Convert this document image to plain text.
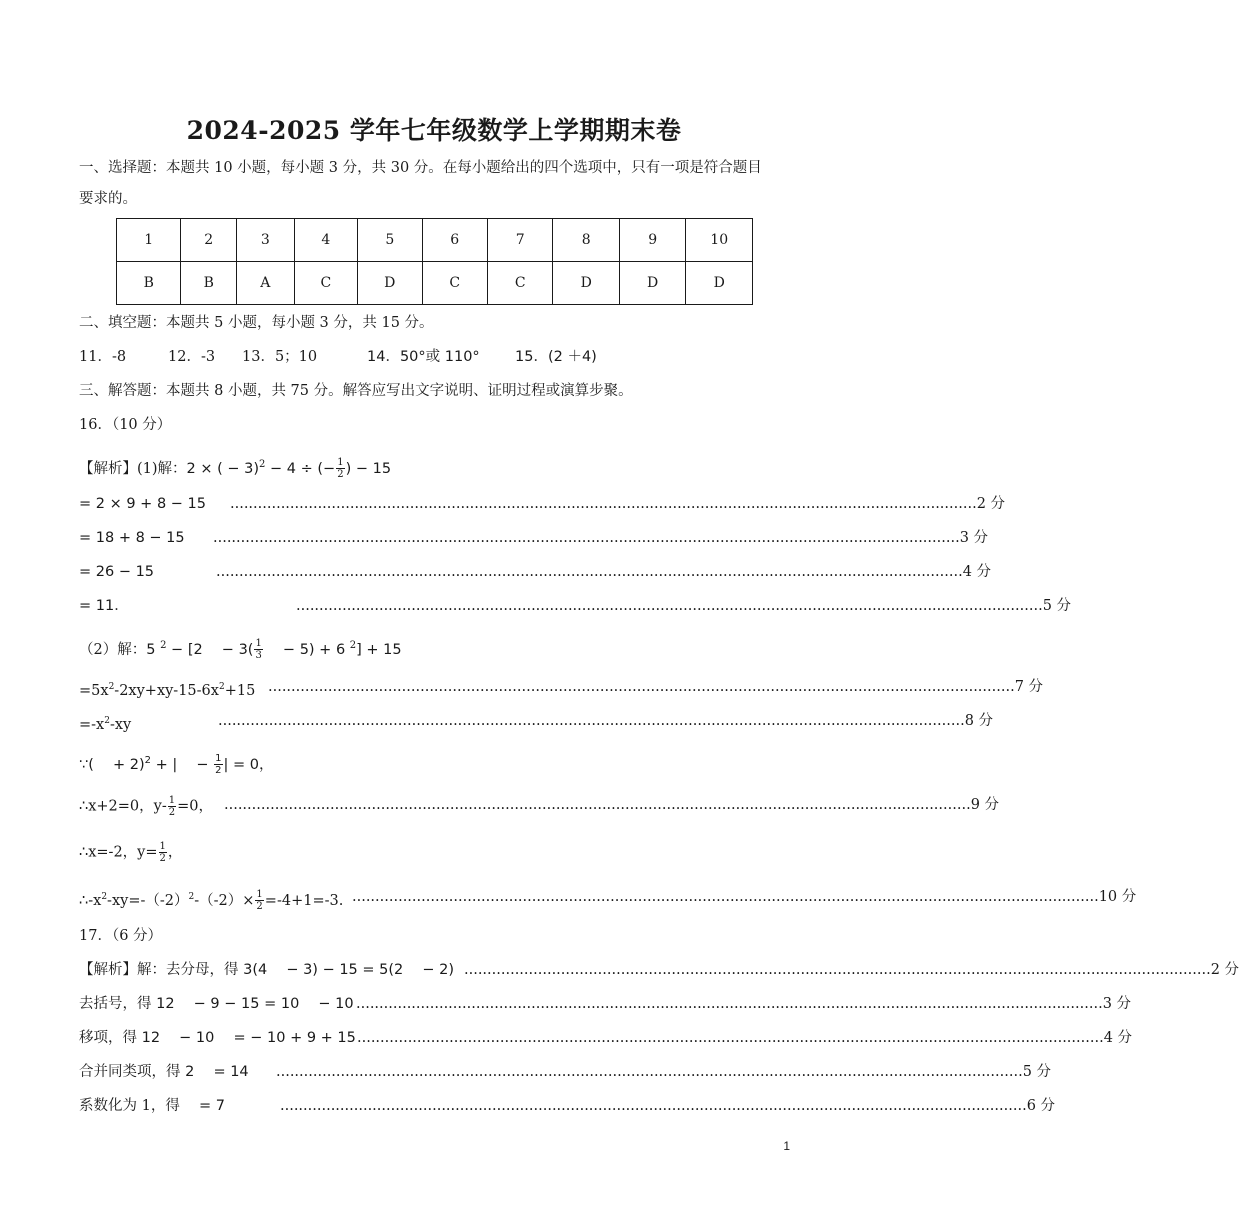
2024-2025 学年七年级数学上学期期末卷
一、选择题：本题共 10 小题，每小题 3 分，共 30 分。在每小题给出的四个选项中，只有一项是符合题目
要求的。
1	2	3	4	5	6	7	8	9	10
B	B	A	C	D	C	C	D	D	D
二、填空题：本题共 5 小题，每小题 3 分，共 15 分。
11．-8	12．-3 13．5；10	14．50°或 110° 15．(2 ＋4)
三、解答题：本题共 8 小题，共 75 分。解答应写出文字说明、证明过程或演算步聚。
16．（10 分）
【解析】(1)解：2 × ( − 3)$^2$ − 4 ÷ (− $\frac{1}{2}$ ) − 15
= 2 × 9 + 8 − 15 .................................................................................................................................................................. 2 分
= 18 + 8 − 15 .................................................................................................................................................................. 3 分
= 26 − 15	.................................................................................................................................................................. 4 分
= 11．	.................................................................................................................................................................. 5 分
（2）解：5 $^2$ − [2 　− $3( \frac{1}{3}$ 　− 5) + 6 $^2$] + 15
$=5x^2-2xy+xy-15-6x^2+15$ .................................................................................................................................................................. 7 分
$=-x^2-xy$	.................................................................................................................................................................. 8 分
∵( 　+ 2)$^2$ + | 　− $\frac{1}{2}$ | = 0，
∴x+2=0，$y- \frac{1}{2} =0$， .................................................................................................................................................................. 9 分
∴x=-2，$y= \frac{1}{2}$ ，
$\therefore-x^2-xy=-(-2)^2-(-2)\times \frac{1}{2} =-4+1=-3$. .................................................................................................................................................................. 10 分
17．（6 分）
【解析】解：去分母，得 3(4 　− 3) − 15 = 5(2 　− 2) .................................................................................................................................................................. 2 分
去括号，得 12 　− 9 − 15 = 10 　− 10 .................................................................................................................................................................. 3 分
移项，得 12 　− 10 　= − 10 + 9 + 15 .................................................................................................................................................................. 4 分
合并同类项，得 2 　= 14 .................................................................................................................................................................. 5 分
系数化为 1，得 　= 7	.................................................................................................................................................................. 6 分
1
